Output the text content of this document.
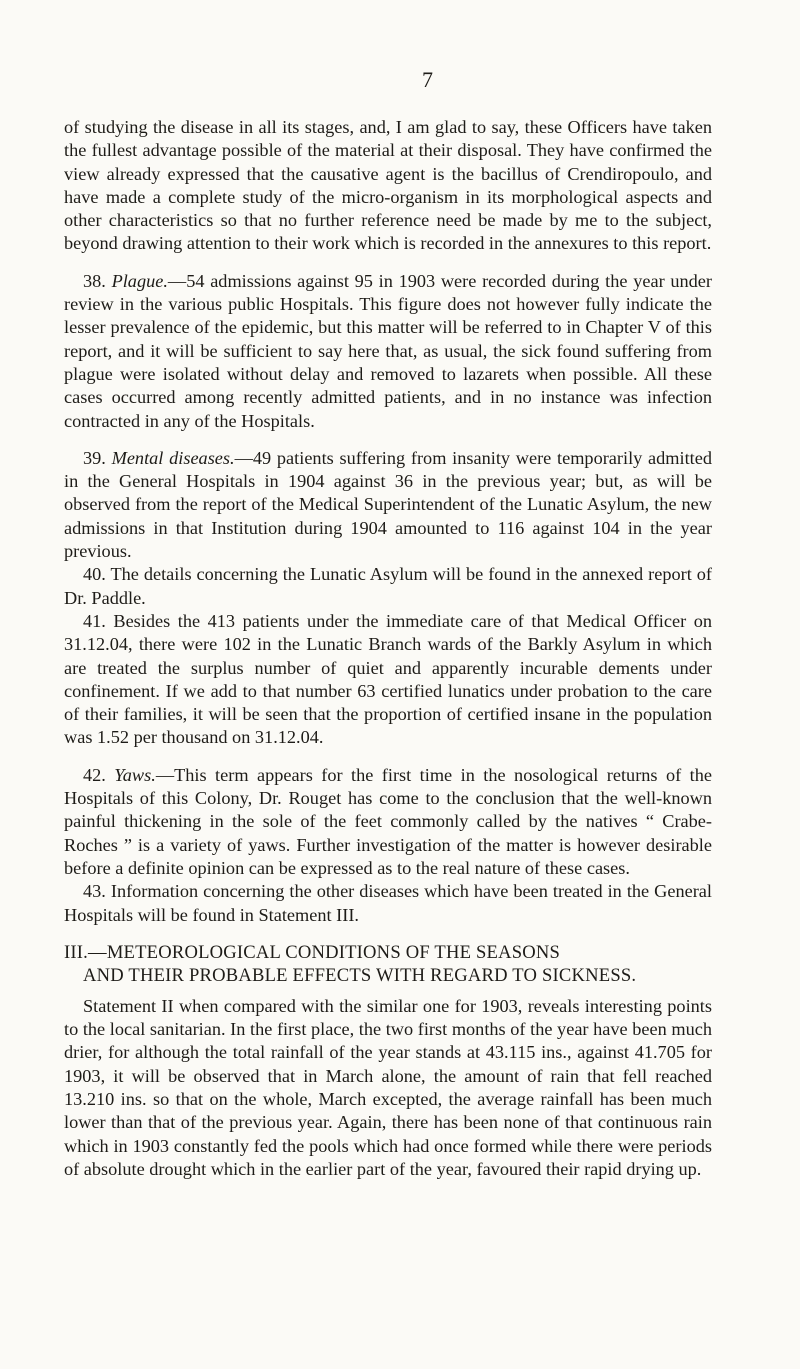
7

of studying the disease in all its stages, and, I am glad to say, these Officers have taken the fullest advantage possible of the material at their disposal. They have confirmed the view already expressed that the causative agent is the bacillus of Crendiropoulo, and have made a complete study of the micro-organism in its morphological aspects and other characteristics so that no further reference need be made by me to the subject, beyond drawing attention to their work which is recorded in the annexures to this report.

38. Plague.—54 admissions against 95 in 1903 were recorded during the year under review in the various public Hospitals. This figure does not however fully indicate the lesser prevalence of the epidemic, but this matter will be referred to in Chapter V of this report, and it will be sufficient to say here that, as usual, the sick found suffering from plague were isolated without delay and removed to lazarets when possible. All these cases occurred among recently admitted patients, and in no instance was infection contracted in any of the Hospitals.

39. Mental diseases.—49 patients suffering from insanity were temporarily admitted in the General Hospitals in 1904 against 36 in the previous year; but, as will be observed from the report of the Medical Superintendent of the Lunatic Asylum, the new admissions in that Institution during 1904 amounted to 116 against 104 in the year previous.

40. The details concerning the Lunatic Asylum will be found in the annexed report of Dr. Paddle.

41. Besides the 413 patients under the immediate care of that Medical Officer on 31.12.04, there were 102 in the Lunatic Branch wards of the Barkly Asylum in which are treated the surplus number of quiet and apparently incurable dements under confinement. If we add to that number 63 certified lunatics under probation to the care of their families, it will be seen that the proportion of certified insane in the population was 1.52 per thousand on 31.12.04.

42. Yaws.—This term appears for the first time in the nosological returns of the Hospitals of this Colony, Dr. Rouget has come to the conclusion that the well-known painful thickening in the sole of the feet commonly called by the natives “ Crabe-Roches ” is a variety of yaws. Further investigation of the matter is however desirable before a definite opinion can be expressed as to the real nature of these cases.

43. Information concerning the other diseases which have been treated in the General Hospitals will be found in Statement III.

III.—METEOROLOGICAL CONDITIONS OF THE SEASONS
AND THEIR PROBABLE EFFECTS WITH REGARD TO SICKNESS.

Statement II when compared with the similar one for 1903, reveals interesting points to the local sanitarian. In the first place, the two first months of the year have been much drier, for although the total rainfall of the year stands at 43.115 ins., against 41.705 for 1903, it will be observed that in March alone, the amount of rain that fell reached 13.210 ins. so that on the whole, March excepted, the average rainfall has been much lower than that of the previous year. Again, there has been none of that continuous rain which in 1903 constantly fed the pools which had once formed while there were periods of absolute drought which in the earlier part of the year, favoured their rapid drying up.
